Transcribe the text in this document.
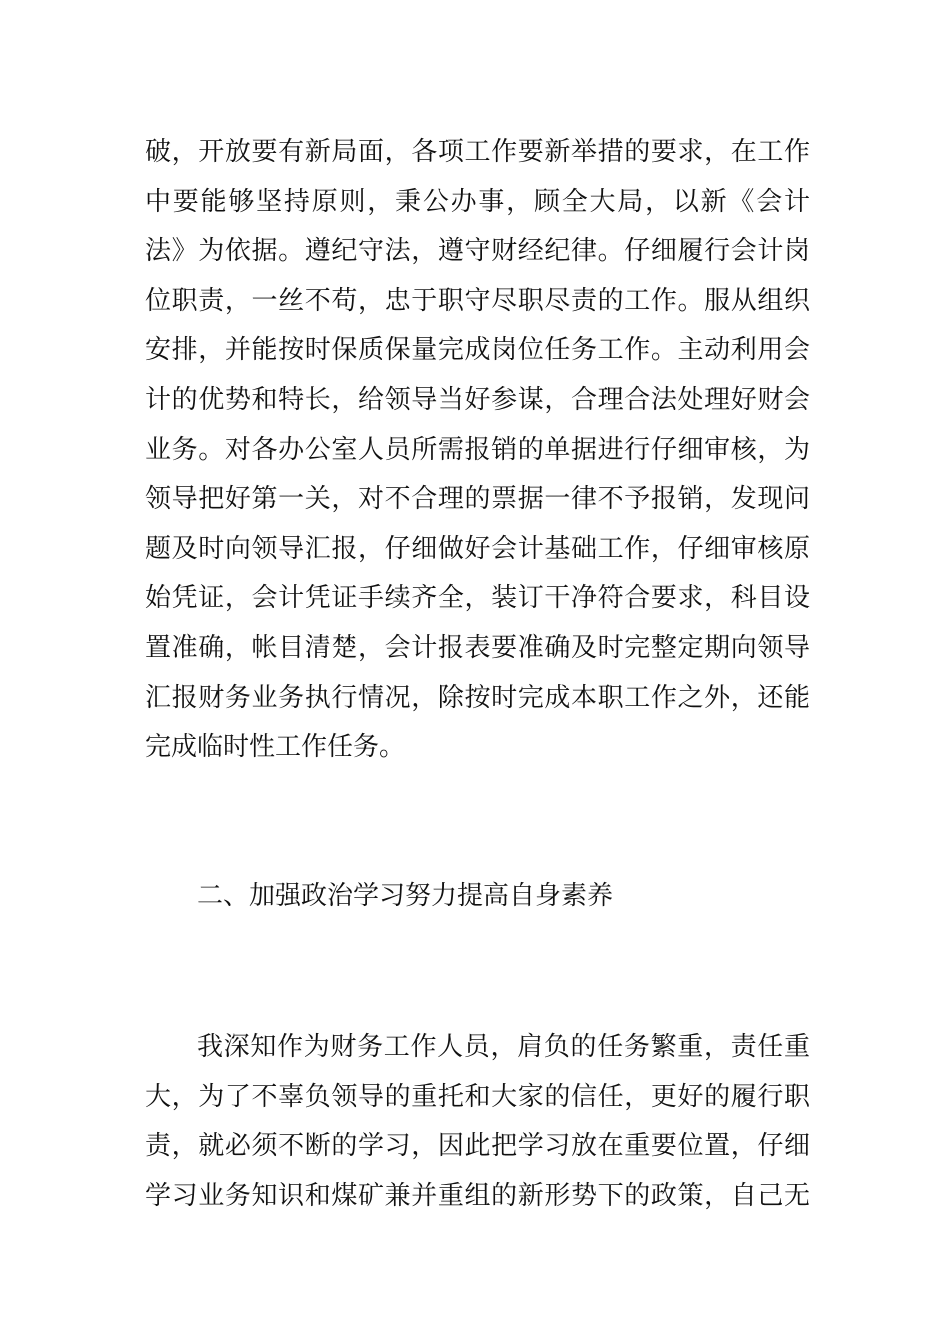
破，开放要有新局面，各项工作要新举措的要求，在工作
中要能够坚持原则，秉公办事，顾全大局，以新《会计
法》为依据。遵纪守法，遵守财经纪律。仔细履行会计岗
位职责，一丝不苟，忠于职守尽职尽责的工作。服从组织
安排，并能按时保质保量完成岗位任务工作。主动利用会
计的优势和特长，给领导当好参谋，合理合法处理好财会
业务。对各办公室人员所需报销的单据进行仔细审核，为
领导把好第一关，对不合理的票据一律不予报销，发现问
题及时向领导汇报，仔细做好会计基础工作，仔细审核原
始凭证，会计凭证手续齐全，装订干净符合要求，科目设
置准确，帐目清楚，会计报表要准确及时完整定期向领导
汇报财务业务执行情况，除按时完成本职工作之外，还能
完成临时性工作任务。
二、加强政治学习努力提高自身素养
我深知作为财务工作人员，肩负的任务繁重，责任重
大，为了不辜负领导的重托和大家的信任，更好的履行职
责，就必须不断的学习，因此把学习放在重要位置，仔细
学习业务知识和煤矿兼并重组的新形势下的政策，自己无
